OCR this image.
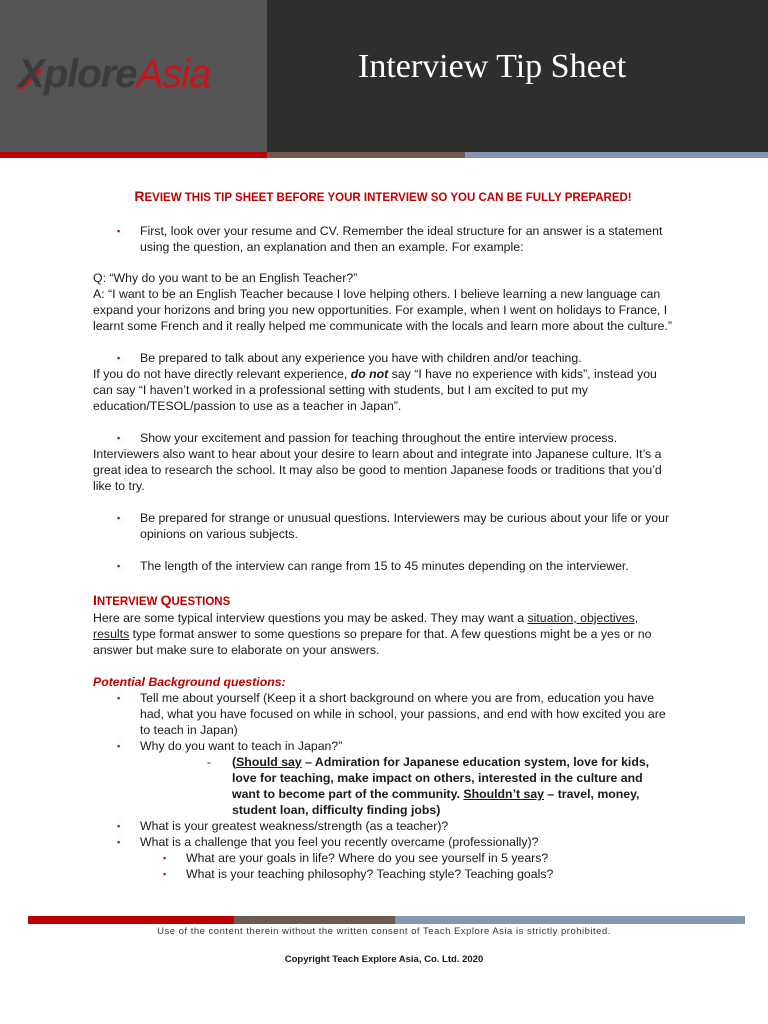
XploreAsia	Interview Tip Sheet

REVIEW THIS TIP SHEET BEFORE YOUR INTERVIEW SO YOU CAN BE FULLY PREPARED!

▪ First, look over your resume and CV. Remember the ideal structure for an answer is a statement using the question, an explanation and then an example. For example:

Q: “Why do you want to be an English Teacher?”

A: “I want to be an English Teacher because I love helping others. I believe learning a new language can expand your horizons and bring you new opportunities. For example, when I went on holidays to France, I learnt some French and it really helped me communicate with the locals and learn more about the culture.”

▪ Be prepared to talk about any experience you have with children and/or teaching.

If you do not have directly relevant experience, do not say “I have no experience with kids”, instead you can say “I haven’t worked in a professional setting with students, but I am excited to put my education/TESOL/passion to use as a teacher in Japan”.

▪ Show your excitement and passion for teaching throughout the entire interview process.

Interviewers also want to hear about your desire to learn about and integrate into Japanese culture. It’s a great idea to research the school. It may also be good to mention Japanese foods or traditions that you’d like to try.

▪ Be prepared for strange or unusual questions. Interviewers may be curious about your life or your opinions on various subjects.

▪ The length of the interview can range from 15 to 45 minutes depending on the interviewer.

INTERVIEW QUESTIONS

Here are some typical interview questions you may be asked. They may want a situation, objectives, results type format answer to some questions so prepare for that. A few questions might be a yes or no answer but make sure to elaborate on your answers.

Potential Background questions:

▪ Tell me about yourself (Keep it a short background on where you are from, education you have had, what you have focused on while in school, your passions, and end with how excited you are to teach in Japan)

▪ Why do you want to teach in Japan?”

- (Should say – Admiration for Japanese education system, love for kids, love for teaching, make impact on others, interested in the culture and want to become part of the community. Shouldn’t say – travel, money, student loan, difficulty finding jobs)

▪ What is your greatest weakness/strength (as a teacher)?

▪ What is a challenge that you feel you recently overcame (professionally)?

▪ What are your goals in life? Where do you see yourself in 5 years?

▪ What is your teaching philosophy? Teaching style? Teaching goals?

Use of the content therein without the written consent of Teach Explore Asia is strictly prohibited.
Copyright Teach Explore Asia, Co. Ltd. 2020
